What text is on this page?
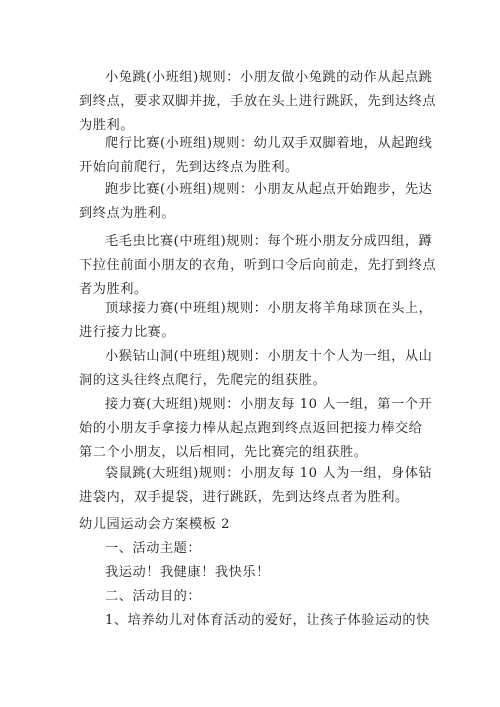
小兔跳(小班组)规则：小朋友做小兔跳的动作从起点跳
到终点，要求双脚并拢，手放在头上进行跳跃，先到达终点
为胜利。
爬行比赛(小班组)规则：幼儿双手双脚着地，从起跑线
开始向前爬行，先到达终点为胜利。
跑步比赛(小班组)规则：小朋友从起点开始跑步，先达
到终点为胜利。
毛毛虫比赛(中班组)规则：每个班小朋友分成四组，蹲
下拉住前面小朋友的衣角，听到口令后向前走，先打到终点
者为胜利。
顶球接力赛(中班组)规则：小朋友将羊角球顶在头上，
进行接力比赛。
小猴钻山洞(中班组)规则：小朋友十个人为一组，从山
洞的这头往终点爬行，先爬完的组获胜。
接力赛(大班组)规则：小朋友每 10 人一组，第一个开
始的小朋友手拿接力棒从起点跑到终点返回把接力棒交给
第二个小朋友，以后相同，先比赛完的组获胜。
袋鼠跳(大班组)规则：小朋友每 10 人为一组，身体钻
进袋内，双手提袋，进行跳跃，先到达终点者为胜利。
幼儿园运动会方案模板 2
一、活动主题：
我运动！我健康！我快乐！
二、活动目的：
1、培养幼儿对体育活动的爱好，让孩子体验运动的快
